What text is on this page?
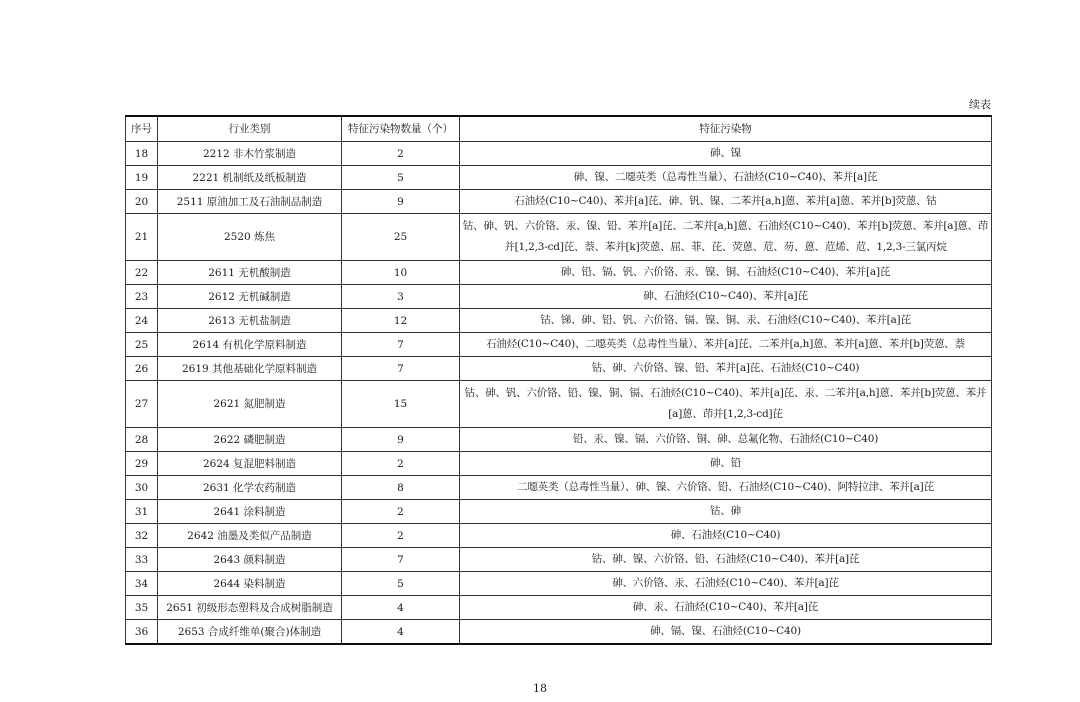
续表
序号	行业类别	特征污染物数量（个）	特征污染物
18	2212 非木竹浆制造	2	砷、镍
19	2221 机制纸及纸板制造	5	砷、镍、二噁英类（总毒性当量）、石油烃(C10~C40)、苯并[a]芘
20	2511 原油加工及石油制品制造	9	石油烃(C10~C40)、苯并[a]芘、砷、钒、镍、二苯并[a,h]蒽、苯并[a]蒽、苯并[b]荧蒽、钴
21	2520 炼焦	25	钴、砷、钒、六价铬、汞、镍、铅、苯并[a]芘、二苯并[a,h]蒽、石油烃(C10~C40)、苯并[b]荧蒽、苯并[a]蒽、茚并[1,2,3-cd]芘、萘、苯并[k]荧蒽、屈、菲、芘、荧蒽、苊、芴、蒽、苊烯、苊、1,2,3-三氯丙烷
22	2611 无机酸制造	10	砷、铅、镉、钒、六价铬、汞、镍、铜、石油烃(C10~C40)、苯并[a]芘
23	2612 无机碱制造	3	砷、石油烃(C10~C40)、苯并[a]芘
24	2613 无机盐制造	12	钴、锑、砷、铅、钒、六价铬、镉、镍、铜、汞、石油烃(C10~C40)、苯并[a]芘
25	2614 有机化学原料制造	7	石油烃(C10~C40)、二噁英类（总毒性当量）、苯并[a]芘、二苯并[a,h]蒽、苯并[a]蒽、苯并[b]荧蒽、萘
26	2619 其他基础化学原料制造	7	钴、砷、六价铬、镍、铅、苯并[a]芘、石油烃(C10~C40)
27	2621 氮肥制造	15	钴、砷、钒、六价铬、铅、镍、铜、镉、石油烃(C10~C40)、苯并[a]芘、汞、二苯并[a,h]蒽、苯并[b]荧蒽、苯并[a]蒽、茚并[1,2,3-cd]芘
28	2622 磷肥制造	9	铅、汞、镍、镉、六价铬、铜、砷、总氟化物、石油烃(C10~C40)
29	2624 复混肥料制造	2	砷、铅
30	2631 化学农药制造	8	二噁英类（总毒性当量）、砷、镍、六价铬、铅、石油烃(C10~C40)、阿特拉津、苯并[a]芘
31	2641 涂料制造	2	钴、砷
32	2642 油墨及类似产品制造	2	砷、石油烃(C10~C40)
33	2643 颜料制造	7	钴、砷、镍、六价铬、铅、石油烃(C10~C40)、苯并[a]芘
34	2644 染料制造	5	砷、六价铬、汞、石油烃(C10~C40)、苯并[a]芘
35	2651 初级形态塑料及合成树脂制造	4	砷、汞、石油烃(C10~C40)、苯并[a]芘
36	2653 合成纤维单(聚合)体制造	4	砷、镉、镍、石油烃(C10~C40)
18
